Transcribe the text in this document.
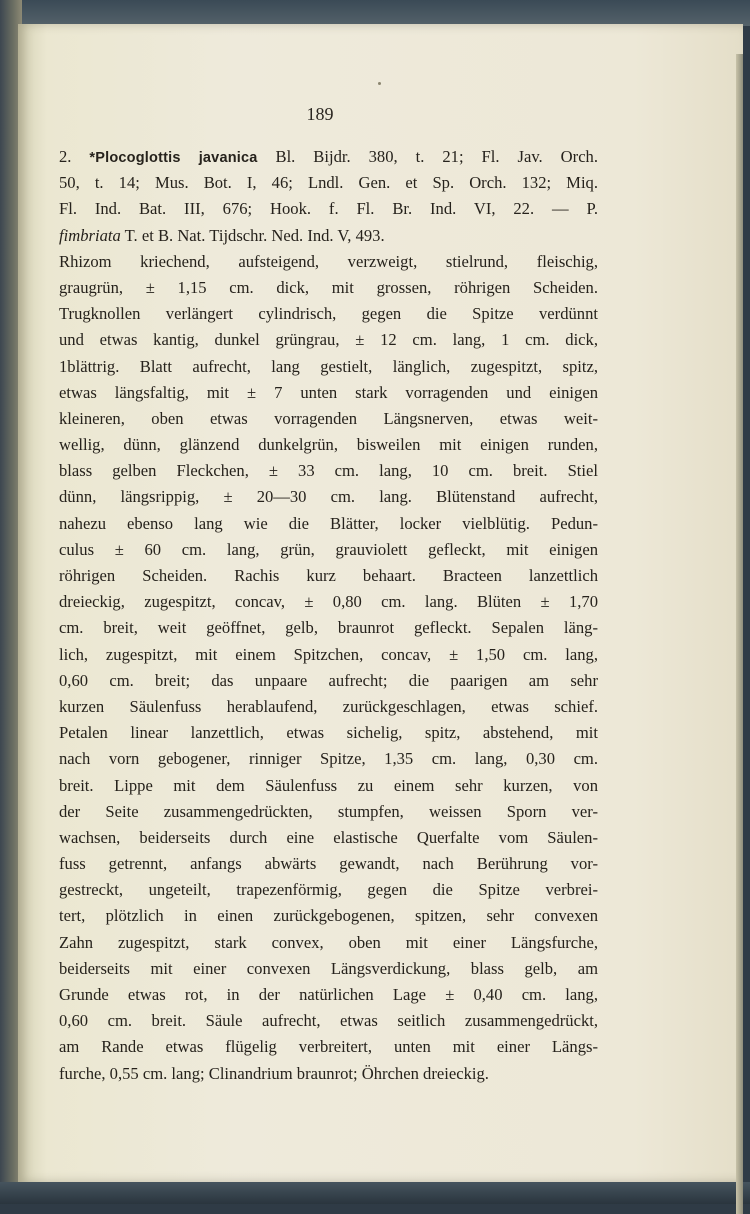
189
2. *Plocoglottis javanica Bl. Bijdr. 380, t. 21; Fl. Jav. Orch.
50, t. 14; Mus. Bot. I, 46; Lndl. Gen. et Sp. Orch. 132; Miq.
Fl. Ind. Bat. III, 676; Hook. f. Fl. Br. Ind. VI, 22. — P.
fimbriata T. et B. Nat. Tijdschr. Ned. Ind. V, 493.
Rhizom kriechend, aufsteigend, verzweigt, stielrund, fleischig,
graugrün, ± 1,15 cm. dick, mit grossen, röhrigen Scheiden.
Trugknollen verlängert cylindrisch, gegen die Spitze verdünnt
und etwas kantig, dunkel grüngrau, ± 12 cm. lang, 1 cm. dick,
1blättrig. Blatt aufrecht, lang gestielt, länglich, zugespitzt, spitz,
etwas längsfaltig, mit ± 7 unten stark vorragenden und einigen
kleineren, oben etwas vorragenden Längsnerven, etwas weit-
wellig, dünn, glänzend dunkelgrün, bisweilen mit einigen runden,
blass gelben Fleckchen, ± 33 cm. lang, 10 cm. breit. Stiel
dünn, längsrippig, ± 20—30 cm. lang. Blütenstand aufrecht,
nahezu ebenso lang wie die Blätter, locker vielblütig. Pedun-
culus ± 60 cm. lang, grün, grauviolett gefleckt, mit einigen
röhrigen Scheiden. Rachis kurz behaart. Bracteen lanzettlich
dreieckig, zugespitzt, concav, ± 0,80 cm. lang. Blüten ± 1,70
cm. breit, weit geöffnet, gelb, braunrot gefleckt. Sepalen läng-
lich, zugespitzt, mit einem Spitzchen, concav, ± 1,50 cm. lang,
0,60 cm. breit; das unpaare aufrecht; die paarigen am sehr
kurzen Säulenfuss herablaufend, zurückgeschlagen, etwas schief.
Petalen linear lanzettlich, etwas sichelig, spitz, abstehend, mit
nach vorn gebogener, rinniger Spitze, 1,35 cm. lang, 0,30 cm.
breit. Lippe mit dem Säulenfuss zu einem sehr kurzen, von
der Seite zusammengedrückten, stumpfen, weissen Sporn ver-
wachsen, beiderseits durch eine elastische Querfalte vom Säulen-
fuss getrennt, anfangs abwärts gewandt, nach Berührung vor-
gestreckt, ungeteilt, trapezenförmig, gegen die Spitze verbrei-
tert, plötzlich in einen zurückgebogenen, spitzen, sehr convexen
Zahn zugespitzt, stark convex, oben mit einer Längsfurche,
beiderseits mit einer convexen Längsverdickung, blass gelb, am
Grunde etwas rot, in der natürlichen Lage ± 0,40 cm. lang,
0,60 cm. breit. Säule aufrecht, etwas seitlich zusammengedrückt,
am Rande etwas flügelig verbreitert, unten mit einer Längs-
furche, 0,55 cm. lang; Clinandrium braunrot; Öhrchen dreieckig.
